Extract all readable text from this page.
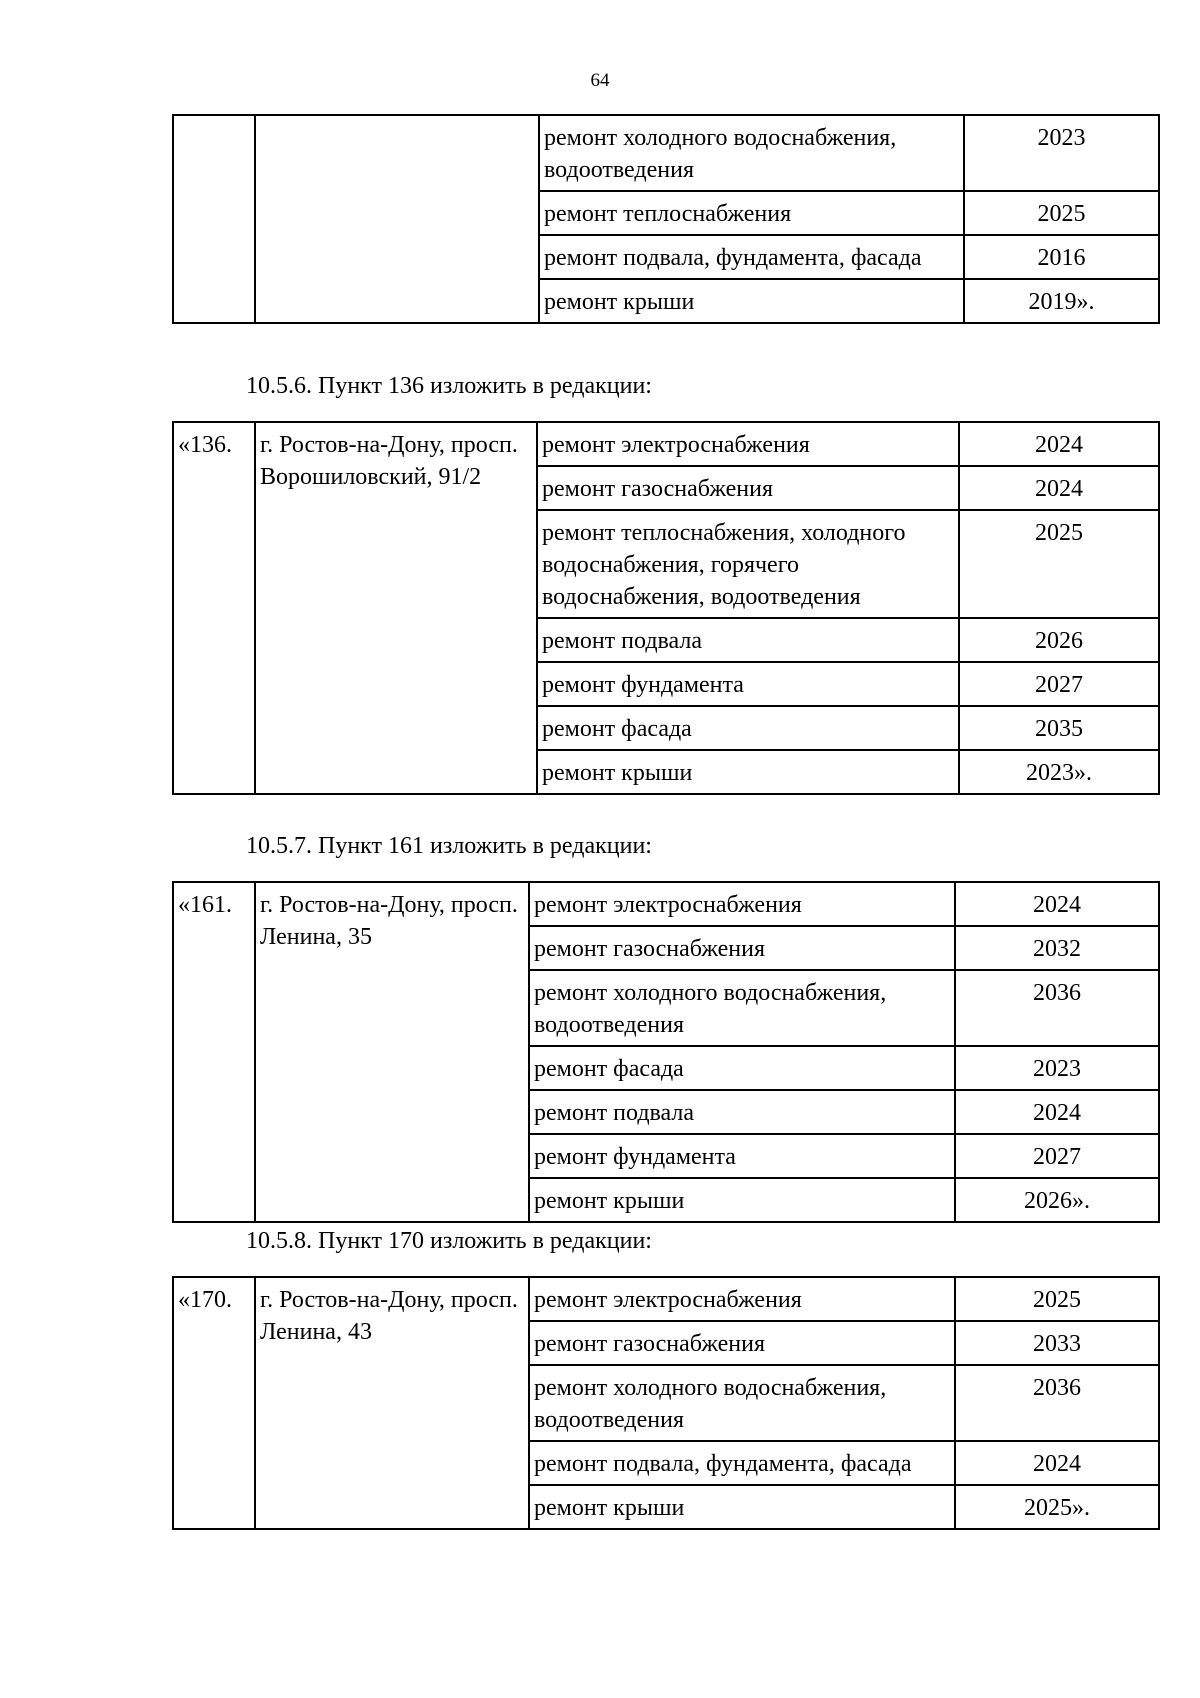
64
		ремонт холодного водоснабжения, водоотведения	2023
		ремонт теплоснабжения	2025
		ремонт подвала, фундамента, фасада	2016
		ремонт крыши	2019».
10.5.6. Пункт 136 изложить в редакции:
«136.	г. Ростов-на-Дону, просп. Ворошиловский, 91/2	ремонт электроснабжения	2024
		ремонт газоснабжения	2024
		ремонт теплоснабжения, холодного водоснабжения, горячего водоснабжения, водоотведения	2025
		ремонт подвала	2026
		ремонт фундамента	2027
		ремонт фасада	2035
		ремонт крыши	2023».
10.5.7. Пункт 161 изложить в редакции:
«161.	г. Ростов-на-Дону, просп. Ленина, 35	ремонт электроснабжения	2024
		ремонт газоснабжения	2032
		ремонт холодного водоснабжения, водоотведения	2036
		ремонт фасада	2023
		ремонт подвала	2024
		ремонт фундамента	2027
		ремонт крыши	2026».
10.5.8. Пункт 170 изложить в редакции:
«170.	г. Ростов-на-Дону, просп. Ленина, 43	ремонт электроснабжения	2025
		ремонт газоснабжения	2033
		ремонт холодного водоснабжения, водоотведения	2036
		ремонт подвала, фундамента, фасада	2024
		ремонт крыши	2025».
